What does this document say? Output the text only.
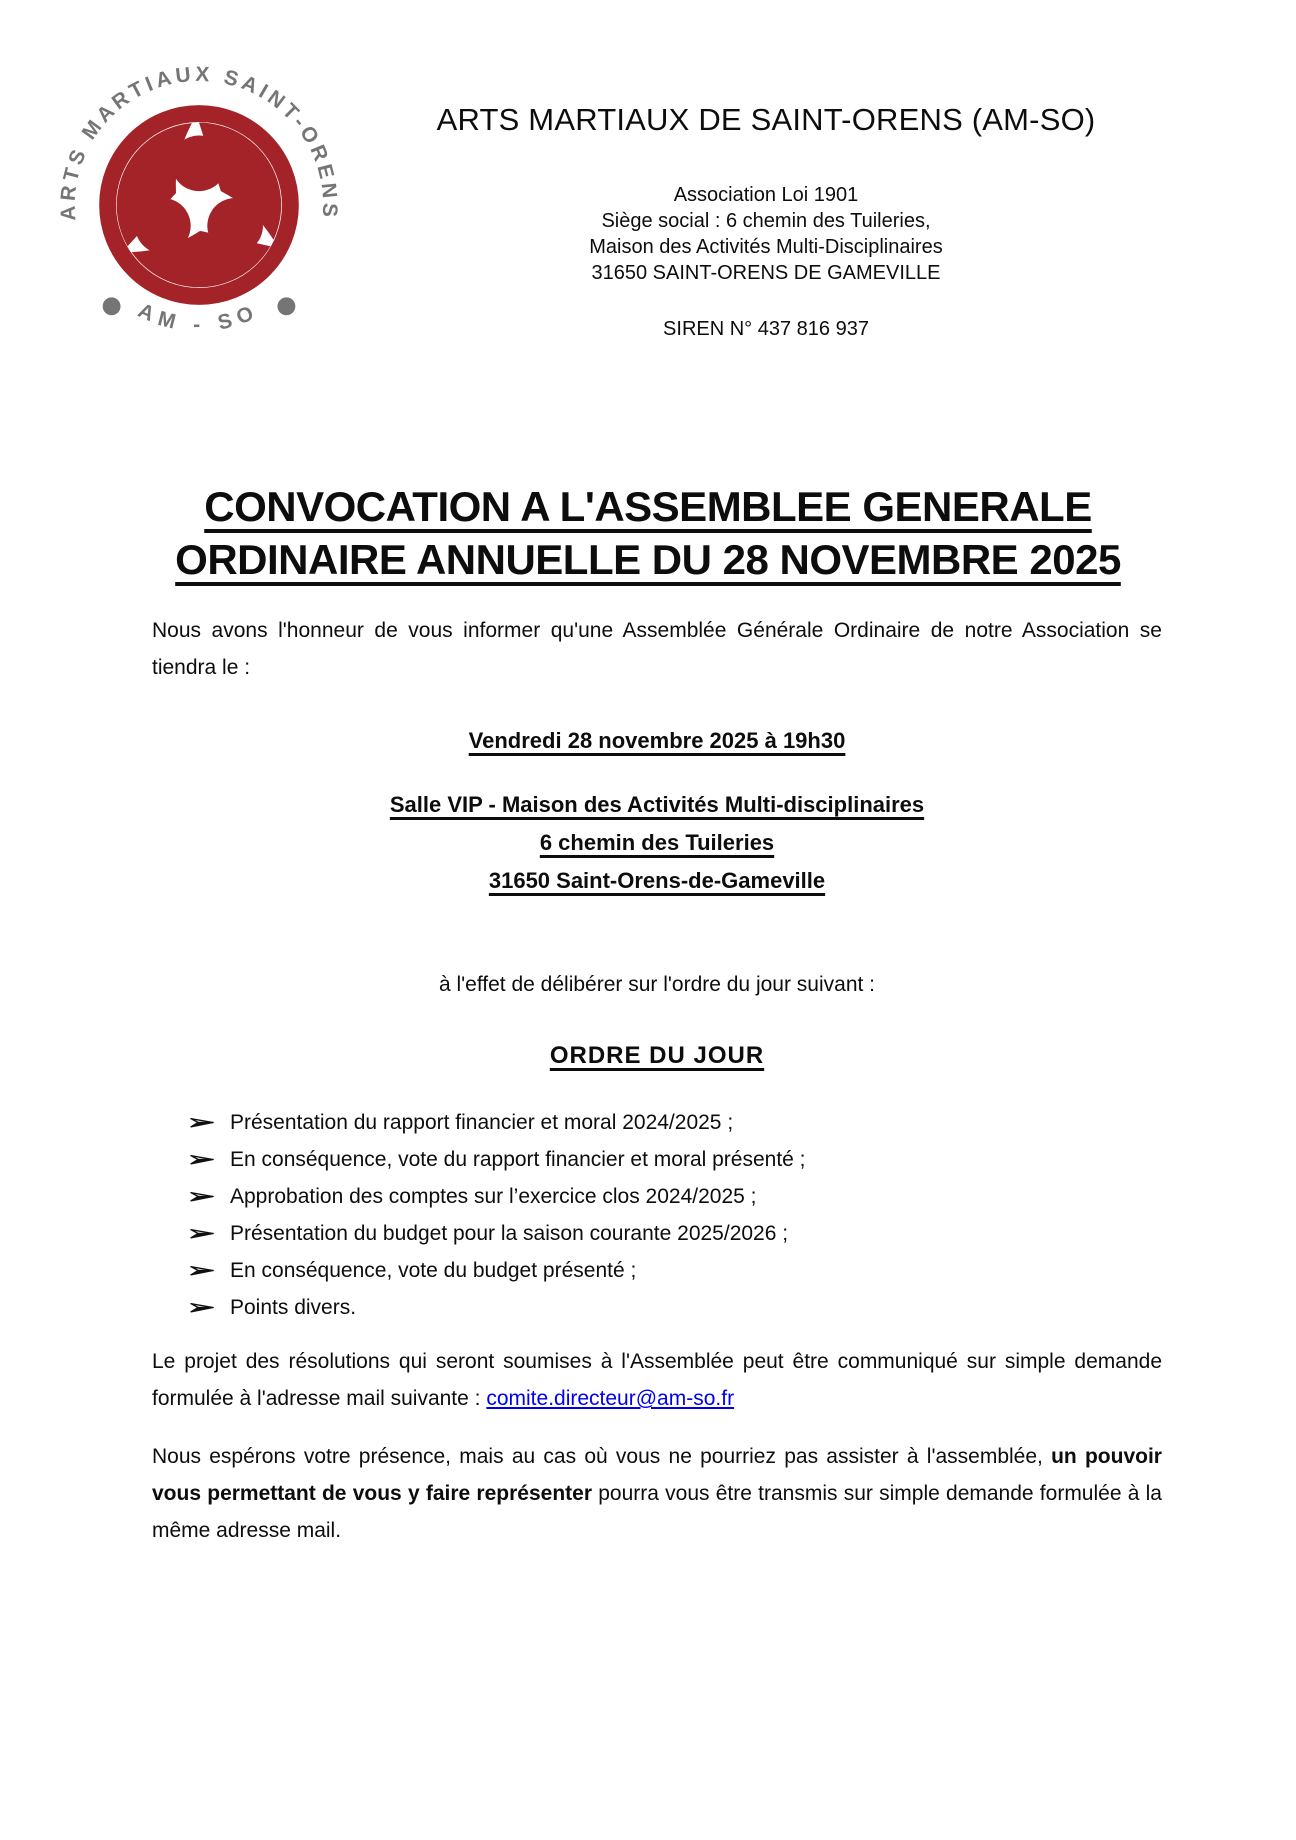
ARTS MARTIAUX SAINT-ORENS
AM - SO
ARTS MARTIAUX DE SAINT-ORENS (AM-SO)
Association Loi 1901
Siège social : 6 chemin des Tuileries,
Maison des Activités Multi-Disciplinaires
31650 SAINT-ORENS DE GAMEVILLE
SIREN N° 437 816 937
CONVOCATION A L'ASSEMBLEE GENERALE
ORDINAIRE ANNUELLE DU 28 NOVEMBRE 2025

Nous avons l'honneur de vous informer qu'une Assemblée Générale Ordinaire de notre Association se tiendra le :

Vendredi 28 novembre 2025 à 19h30
Salle VIP - Maison des Activités Multi-disciplinaires
6 chemin des Tuileries
31650 Saint-Orens-de-Gameville
à l'effet de délibérer sur l'ordre du jour suivant :
ORDRE DU JOUR
Présentation du rapport financier et moral 2024/2025 ;
En conséquence, vote du rapport financier et moral présenté ;
Approbation des comptes sur l’exercice clos 2024/2025 ;
Présentation du budget pour la saison courante 2025/2026 ;
En conséquence, vote du budget présenté ;
Points divers.

Le projet des résolutions qui seront soumises à l'Assemblée peut être communiqué sur simple demande formulée à l'adresse mail suivante : comite.directeur@am-so.fr

Nous espérons votre présence, mais au cas où vous ne pourriez pas assister à l'assemblée, un pouvoir vous permettant de vous y faire représenter pourra vous être transmis sur simple demande formulée à la même adresse mail.
